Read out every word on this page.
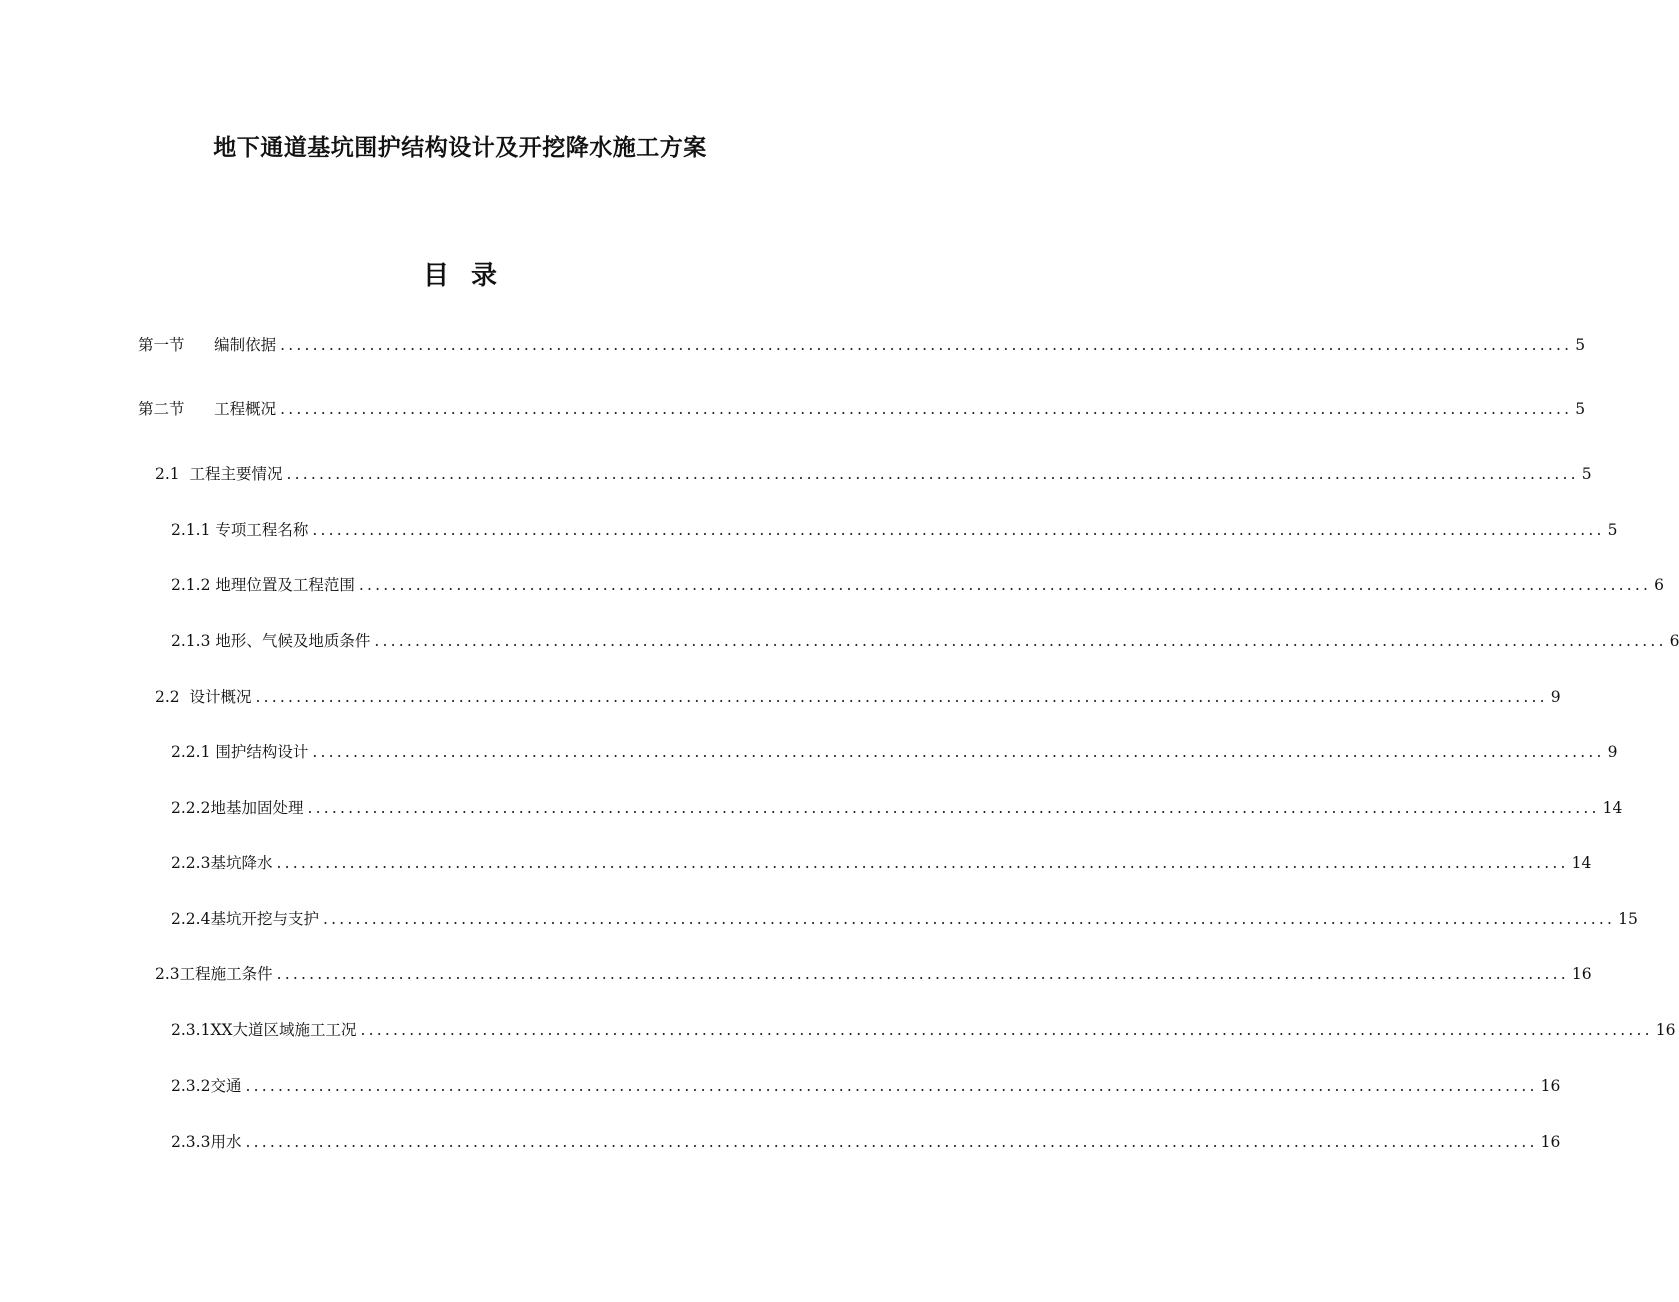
地下通道基坑围护结构设计及开挖降水施工方案
目 录
第一节
编制依据 ............................................................................................................................................................... 5
第二节
工程概况 ............................................................................................................................................................... 5
2.1
工程主要情况 ............................................................................................................................................................... 5
2.1.1
专项工程名称 ............................................................................................................................................................... 5
2.1.2
地理位置及工程范围 ............................................................................................................................................................... 6
2.1.3
地形、气候及地质条件 ............................................................................................................................................................... 6
2.2
设计概况 ............................................................................................................................................................... 9
2.2.1
围护结构设计 ............................................................................................................................................................... 9
2.2.2 地基加固处理 ............................................................................................................................................................... 14
2.2.3 基坑降水 ............................................................................................................................................................... 14
2.2.4 基坑开挖与支护 ............................................................................................................................................................... 15
2.3 工程施工条件 ............................................................................................................................................................... 16
2.3.1XX 大道区域施工工况 ............................................................................................................................................................... 16
2.3.2 交通 ............................................................................................................................................................... 16
2.3.3 用水 ............................................................................................................................................................... 16
